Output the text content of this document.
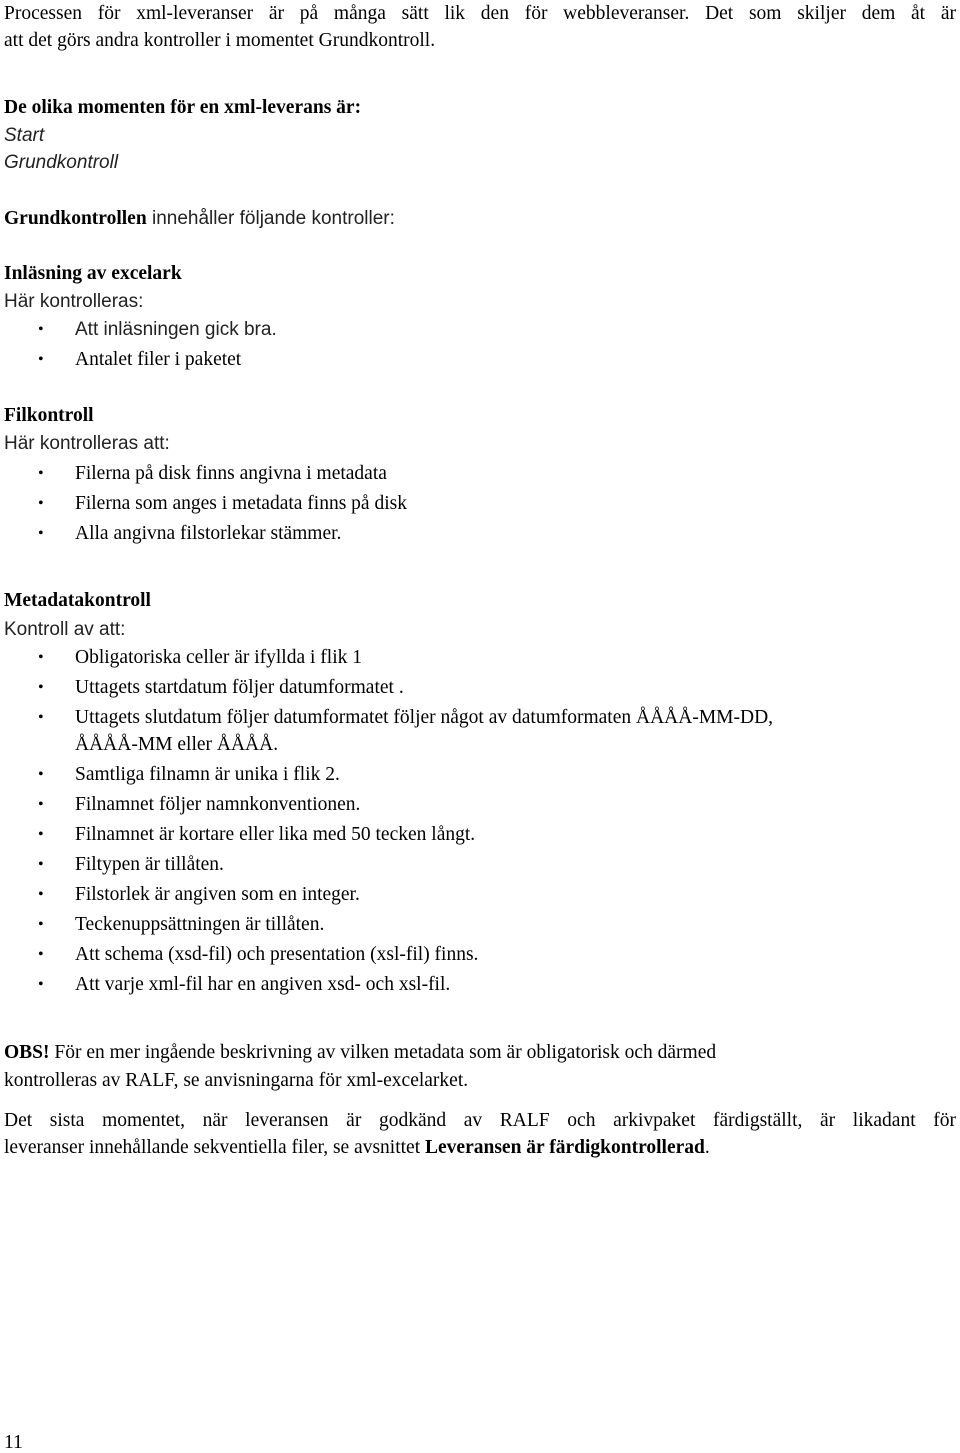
Processen för xml-leveranser är på många sätt lik den för webbleveranser. Det som skiljer dem åt är
att det görs andra kontroller i momentet Grundkontroll.
De olika momenten för en xml-leverans är:
Start
Grundkontroll
Grundkontrollen innehåller följande kontroller:
Inläsning av excelark
Här kontrolleras:
• Att inläsningen gick bra.
• Antalet filer i paketet
Filkontroll
Här kontrolleras att:
• Filerna på disk finns angivna i metadata
• Filerna som anges i metadata finns på disk
• Alla angivna filstorlekar stämmer.
Metadatakontroll
Kontroll av att:
• Obligatoriska celler är ifyllda i flik 1
• Uttagets startdatum följer datumformatet .
• Uttagets slutdatum följer datumformatet följer något av datumformaten ÅÅÅÅ-MM-DD,
ÅÅÅÅ-MM eller ÅÅÅÅ.
• Samtliga filnamn är unika i flik 2.
• Filnamnet följer namnkonventionen.
• Filnamnet är kortare eller lika med 50 tecken långt.
• Filtypen är tillåten.
• Filstorlek är angiven som en integer.
• Teckenuppsättningen är tillåten.
• Att schema (xsd-fil) och presentation (xsl-fil) finns.
• Att varje xml-fil har en angiven xsd- och xsl-fil.
OBS! För en mer ingående beskrivning av vilken metadata som är obligatorisk och därmed
kontrolleras av RALF, se anvisningarna för xml-excelarket.
Det sista momentet, när leveransen är godkänd av RALF och arkivpaket färdigställt, är likadant för
leveranser innehållande sekventiella filer, se avsnittet Leveransen är färdigkontrollerad.
11
